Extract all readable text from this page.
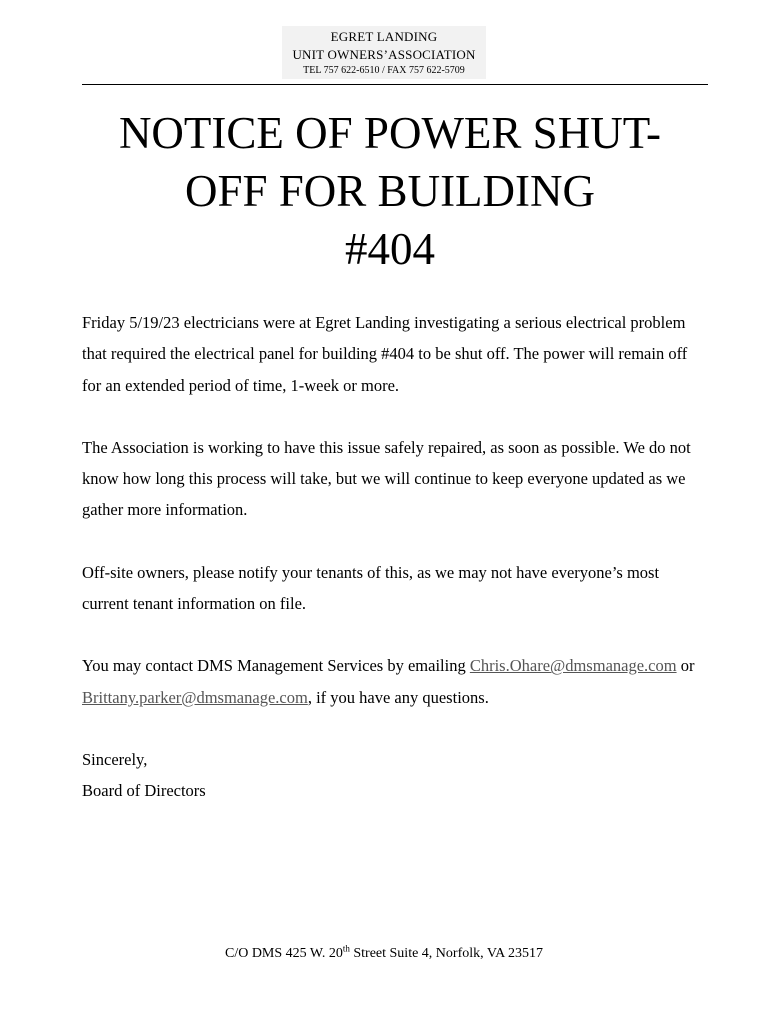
EGRET LANDING
UNIT OWNERS’ASSOCIATION
TEL 757 622-6510 / FAX 757 622-5709
NOTICE OF POWER SHUT-
OFF FOR BUILDING
#404

Friday 5/19/23 electricians were at Egret Landing investigating a serious electrical problem that required the electrical panel for building #404 to be shut off. The power will remain off for an extended period of time, 1-week or more.

The Association is working to have this issue safely repaired, as soon as possible. We do not know how long this process will take, but we will continue to keep everyone updated as we gather more information.

Off-site owners, please notify your tenants of this, as we may not have everyone’s most current tenant information on file.

You may contact DMS Management Services by emailing Chris.Ohare@dmsmanage.com or Brittany.parker@dmsmanage.com, if you have any questions.

Sincerely,

Board of Directors

C/O DMS 425 W. 20th Street Suite 4, Norfolk, VA 23517
